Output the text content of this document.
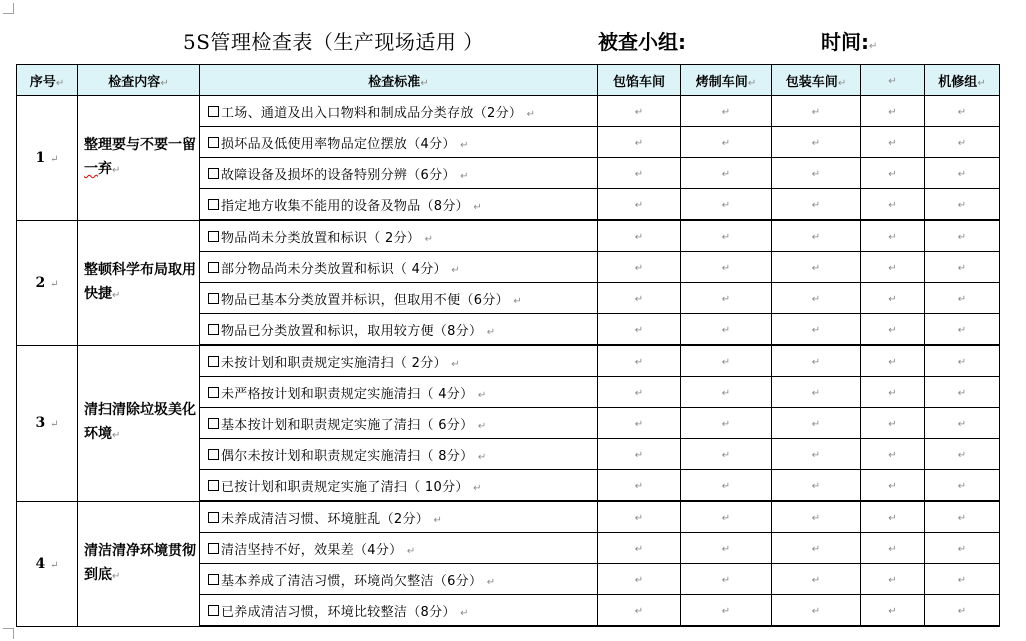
5S管理检查表（生产现场适用 ）	被查小组:	时间:↵
序号↵	检查内容↵	检查标准↵	包馅车间	烤制车间↵	包装车间↵	↵	机修组↵
1 ↵	整理要与不要一留一弃↵	工场、通道及出入口物料和制成品分类存放（2分） ↵	↵	↵	↵	↵	↵
		损坏品及低使用率物品定位摆放（4分） ↵	↵	↵	↵	↵	↵
		故障设备及损坏的设备特别分辨（6分） ↵	↵	↵	↵	↵	↵
		指定地方收集不能用的设备及物品（8分） ↵	↵	↵	↵	↵	↵
2 ↵	整顿科学布局取用快捷↵	物品尚未分类放置和标识（ 2分） ↵	↵	↵	↵	↵	↵
		部分物品尚未分类放置和标识（ 4分） ↵	↵	↵	↵	↵	↵
		物品已基本分类放置并标识，但取用不便（6分） ↵	↵	↵	↵	↵	↵
		物品已分类放置和标识，取用较方便（8分） ↵	↵	↵	↵	↵	↵
3 ↵	清扫清除垃圾美化环境↵	未按计划和职责规定实施清扫（ 2分） ↵	↵	↵	↵	↵	↵
		未严格按计划和职责规定实施清扫（ 4分） ↵	↵	↵	↵	↵	↵
		基本按计划和职责规定实施了清扫（ 6分） ↵	↵	↵	↵	↵	↵
		偶尔未按计划和职责规定实施清扫（ 8分） ↵	↵	↵	↵	↵	↵
		已按计划和职责规定实施了清扫（ 10分） ↵	↵	↵	↵	↵	↵
4 ↵	清洁清净环境贯彻到底↵	未养成清洁习惯、环境脏乱（2分） ↵	↵	↵	↵	↵	↵
		清洁坚持不好，效果差（4分） ↵	↵	↵	↵	↵	↵
		基本养成了清洁习惯，环境尚欠整洁（6分） ↵	↵	↵	↵	↵	↵
		已养成清洁习惯，环境比较整洁（8分） ↵	↵	↵	↵	↵	↵
